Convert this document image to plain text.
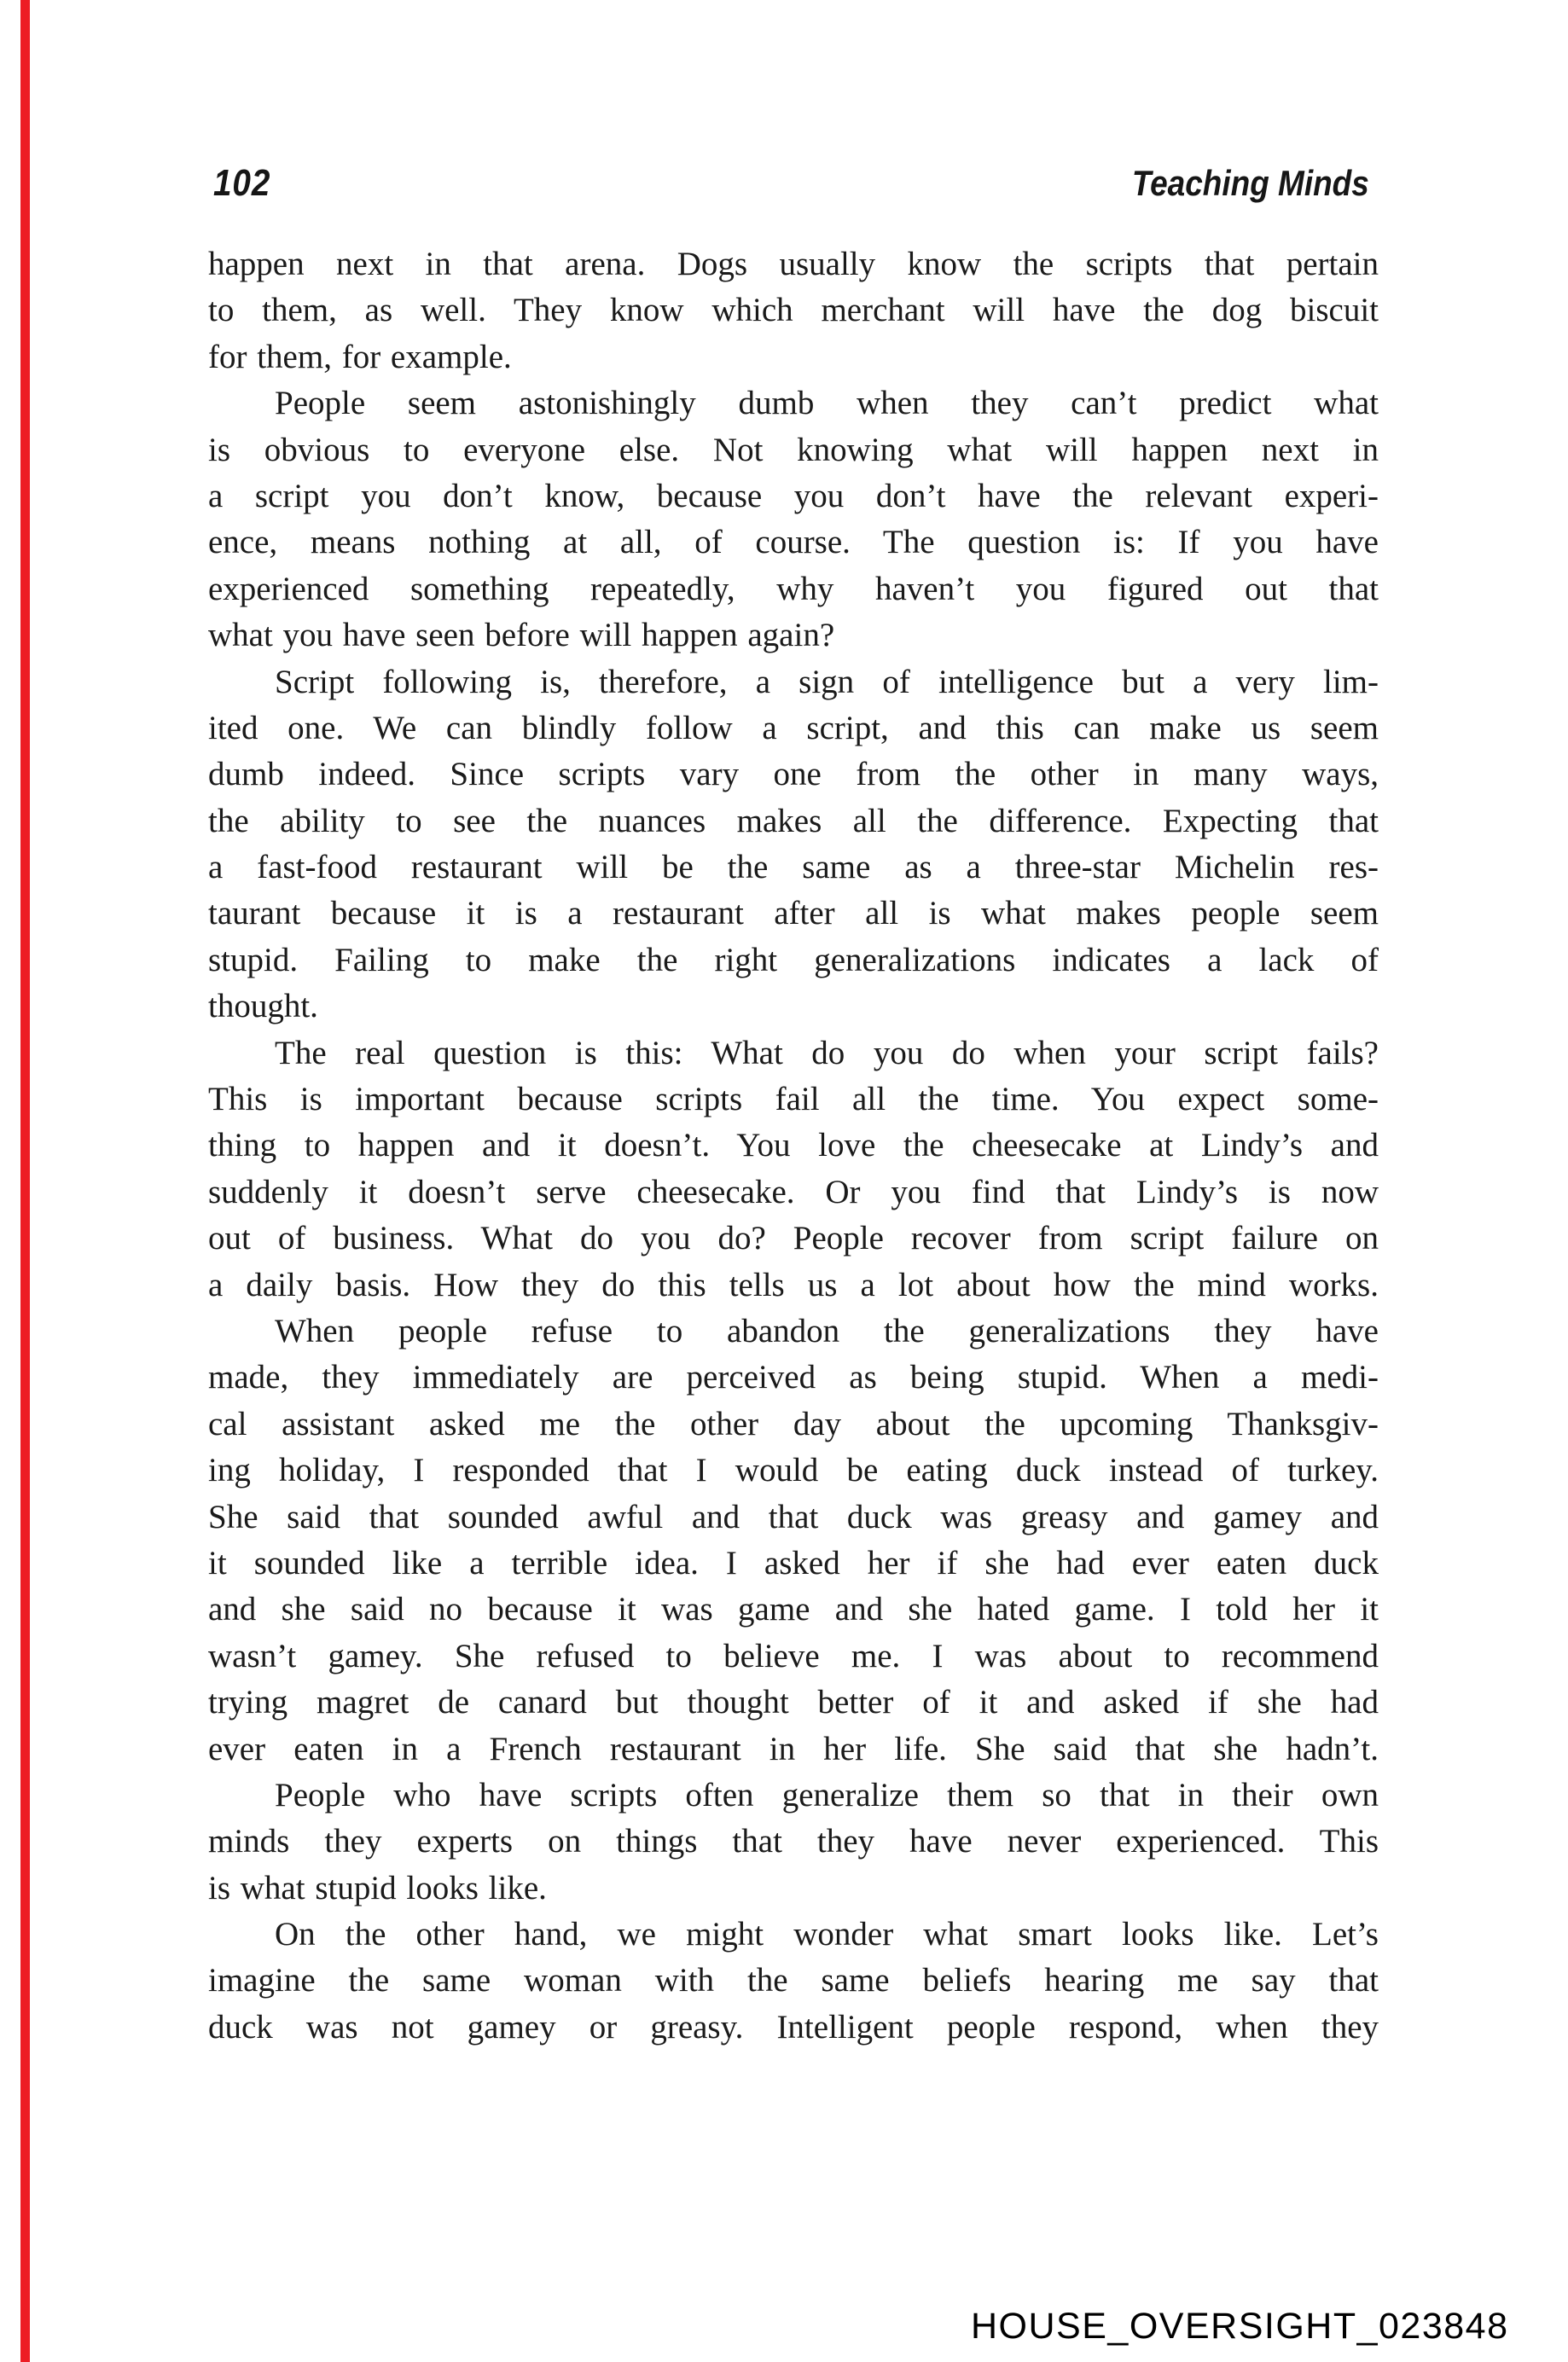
102	Teaching Minds
happen next in that arena. Dogs usually know the scripts that pertain
to them, as well. They know which merchant will have the dog biscuit
for them, for example.
People seem astonishingly dumb when they can’t predict what
is obvious to everyone else. Not knowing what will happen next in
a script you don’t know, because you don’t have the relevant experi-
ence, means nothing at all, of course. The question is: If you have
experienced something repeatedly, why haven’t you figured out that
what you have seen before will happen again?
Script following is, therefore, a sign of intelligence but a very lim-
ited one. We can blindly follow a script, and this can make us seem
dumb indeed. Since scripts vary one from the other in many ways,
the ability to see the nuances makes all the difference. Expecting that
a fast-food restaurant will be the same as a three-star Michelin res-
taurant because it is a restaurant after all is what makes people seem
stupid. Failing to make the right generalizations indicates a lack of
thought.
The real question is this: What do you do when your script fails?
This is important because scripts fail all the time. You expect some-
thing to happen and it doesn’t. You love the cheesecake at Lindy’s and
suddenly it doesn’t serve cheesecake. Or you find that Lindy’s is now
out of business. What do you do? People recover from script failure on
a daily basis. How they do this tells us a lot about how the mind works.
When people refuse to abandon the generalizations they have
made, they immediately are perceived as being stupid. When a medi-
cal assistant asked me the other day about the upcoming Thanksgiv-
ing holiday, I responded that I would be eating duck instead of turkey.
She said that sounded awful and that duck was greasy and gamey and
it sounded like a terrible idea. I asked her if she had ever eaten duck
and she said no because it was game and she hated game. I told her it
wasn’t gamey. She refused to believe me. I was about to recommend
trying magret de canard but thought better of it and asked if she had
ever eaten in a French restaurant in her life. She said that she hadn’t.
People who have scripts often generalize them so that in their own
minds they experts on things that they have never experienced. This
is what stupid looks like.
On the other hand, we might wonder what smart looks like. Let’s
imagine the same woman with the same beliefs hearing me say that
duck was not gamey or greasy. Intelligent people respond, when they
HOUSE_OVERSIGHT_023848
